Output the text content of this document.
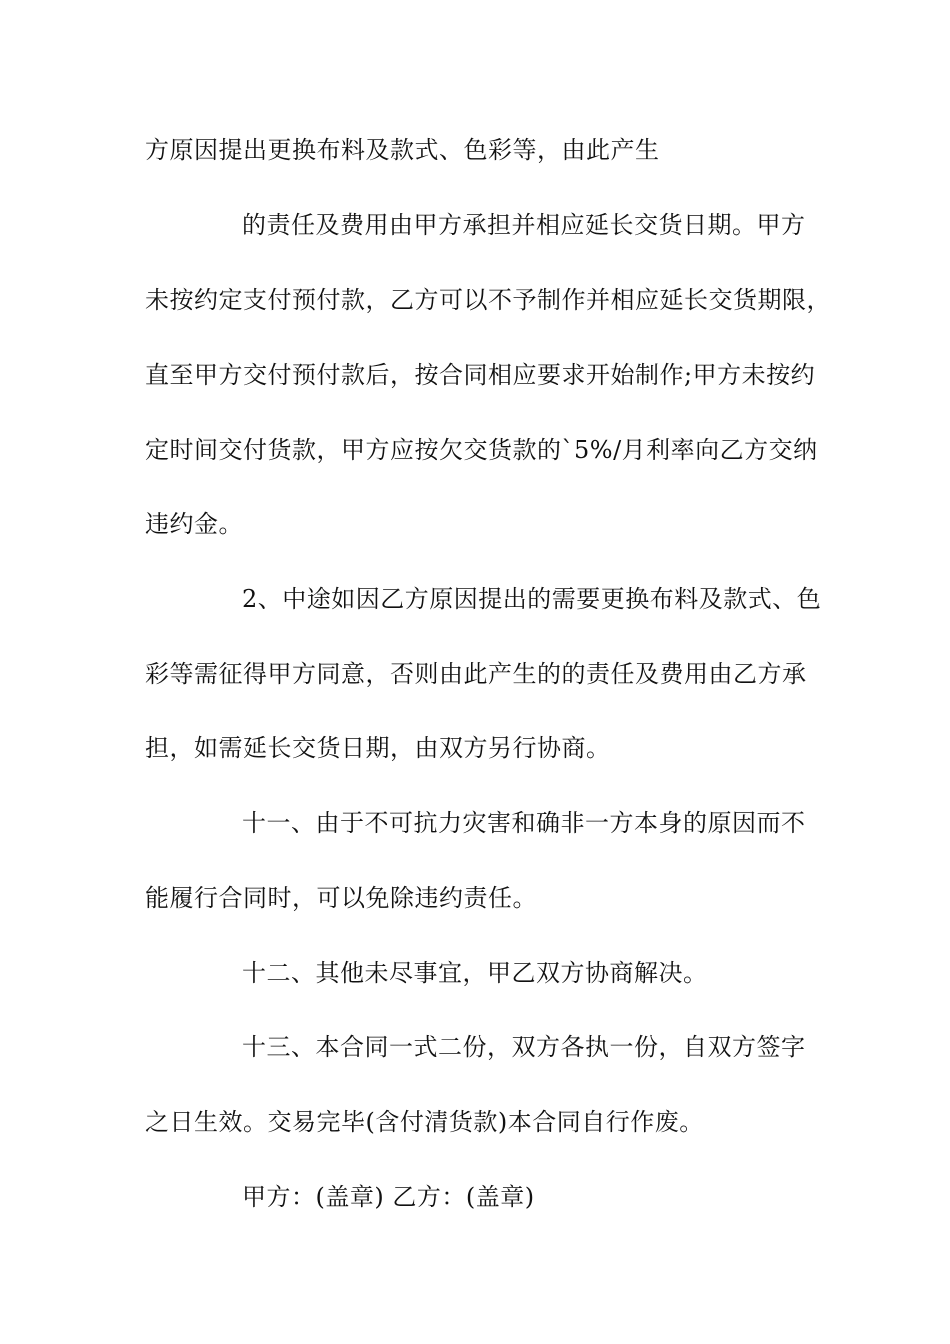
方原因提出更换布料及款式、色彩等，由此产生
的责任及费用由甲方承担并相应延长交货日期。甲方
未按约定支付预付款，乙方可以不予制作并相应延长交货期限，
直至甲方交付预付款后，按合同相应要求开始制作;甲方未按约
定时间交付货款，甲方应按欠交货款的`5%/月利率向乙方交纳
违约金。
2、中途如因乙方原因提出的需要更换布料及款式、色
彩等需征得甲方同意，否则由此产生的的责任及费用由乙方承
担，如需延长交货日期，由双方另行协商。
十一、由于不可抗力灾害和确非一方本身的原因而不
能履行合同时，可以免除违约责任。
十二、其他未尽事宜，甲乙双方协商解决。
十三、本合同一式二份，双方各执一份，自双方签字
之日生效。交易完毕(含付清货款)本合同自行作废。
甲方：(盖章) 乙方：(盖章)
